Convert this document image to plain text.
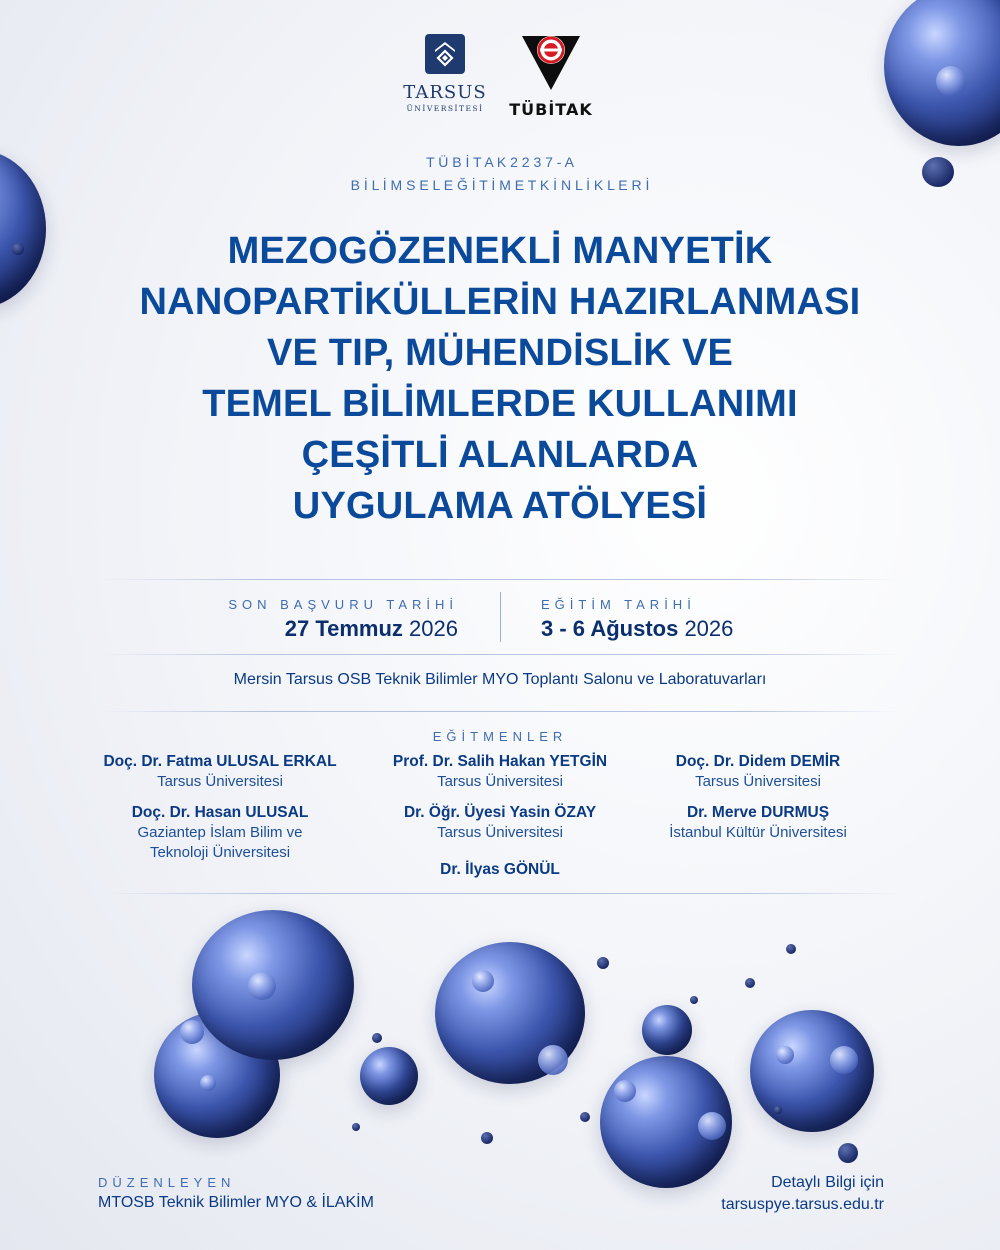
TARSUS
ÜNİVERSİTESİ TÜBİTAK
T Ü B İ T A K 2 2 3 7 - A
B İ L İ M S E L E Ğ İ T İ M E T K İ N L İ K L E R İ
MEZOGÖZENEKLİ MANYETİK
NANOPARTİKÜLLERİN HAZIRLANMASI
VE TIP, MÜHENDİSLİK VE
TEMEL BİLİMLERDE KULLANIMI
ÇEŞİTLİ ALANLARDA
UYGULAMA ATÖLYESİ
SON BAŞVURU TARİHİ
27 Temmuz 2026
EĞİTİM TARİHİ
3 - 6 Ağustos 2026
Mersin Tarsus OSB Teknik Bilimler MYO Toplantı Salonu ve Laboratuvarları
EĞİTMENLER
Doç. Dr. Fatma ULUSAL ERKAL
Tarsus Üniversitesi
Prof. Dr. Salih Hakan YETGİN
Tarsus Üniversitesi
Doç. Dr. Didem DEMİR
Tarsus Üniversitesi
Doç. Dr. Hasan ULUSAL
Gaziantep İslam Bilim ve
Teknoloji Üniversitesi
Dr. Öğr. Üyesi Yasin ÖZAY
Tarsus Üniversitesi
Dr. Merve DURMUŞ
İstanbul Kültür Üniversitesi
Dr. İlyas GÖNÜL
DÜZENLEYEN
MTOSB Teknik Bilimler MYO & İLAKİM
Detaylı Bilgi için
tarsuspye.tarsus.edu.tr
